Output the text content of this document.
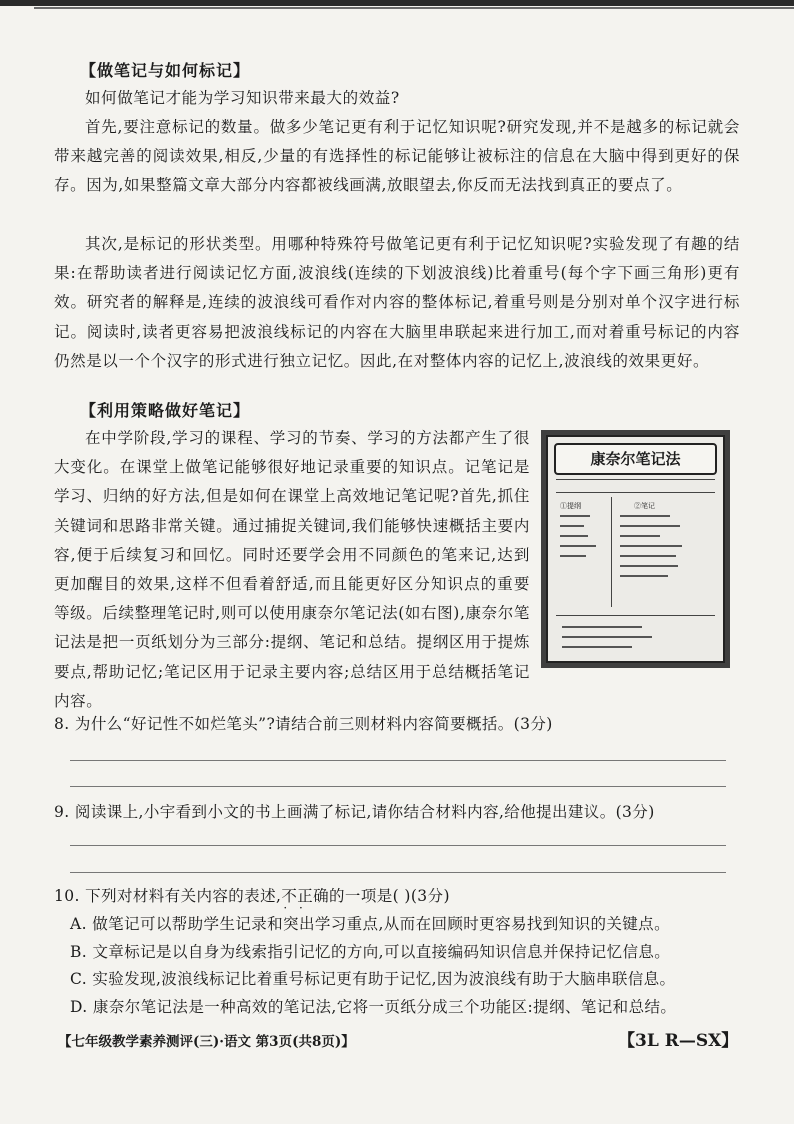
【做笔记与如何标记】

如何做笔记才能为学习知识带来最大的效益?

首先,要注意标记的数量。做多少笔记更有利于记忆知识呢?研究发现,并不是越多的标记就会带来越完善的阅读效果,相反,少量的有选择性的标记能够让被标注的信息在大脑中得到更好的保存。因为,如果整篇文章大部分内容都被线画满,放眼望去,你反而无法找到真正的要点了。

其次,是标记的形状类型。用哪种特殊符号做笔记更有利于记忆知识呢?实验发现了有趣的结果:在帮助读者进行阅读记忆方面,波浪线(连续的下划波浪线)比着重号(每个字下画三角形)更有效。研究者的解释是,连续的波浪线可看作对内容的整体标记,着重号则是分别对单个汉字进行标记。阅读时,读者更容易把波浪线标记的内容在大脑里串联起来进行加工,而对着重号标记的内容仍然是以一个个汉字的形式进行独立记忆。因此,在对整体内容的记忆上,波浪线的效果更好。

【利用策略做好笔记】

在中学阶段,学习的课程、学习的节奏、学习的方法都产生了很大变化。在课堂上做笔记能够很好地记录重要的知识点。记笔记是学习、归纳的好方法,但是如何在课堂上高效地记笔记呢?首先,抓住关键词和思路非常关键。通过捕捉关键词,我们能够快速概括主要内容,便于后续复习和回忆。同时还要学会用不同颜色的笔来记,达到更加醒目的效果,这样不但看着舒适,而且能更好区分知识点的重要等级。后续整理笔记时,则可以使用康奈尔笔记法(如右图),康奈尔笔记法是把一页纸划分为三部分:提纲、笔记和总结。提纲区用于提炼要点,帮助记忆;笔记区用于记录主要内容;总结区用于总结概括笔记内容。

康奈尔笔记法
①提纲	②笔记
8. 为什么“好记性不如烂笔头”?请结合前三则材料内容简要概括。(3分)
9. 阅读课上,小宇看到小文的书上画满了标记,请你结合材料内容,给他提出建议。(3分)
10. 下列对材料有关内容的表述,不正确 · ·的一项是( )(3分)
A. 做笔记可以帮助学生记录和突出学习重点,从而在回顾时更容易找到知识的关键点。
B. 文章标记是以自身为线索指引记忆的方向,可以直接编码知识信息并保持记忆信息。
C. 实验发现,波浪线标记比着重号标记更有助于记忆,因为波浪线有助于大脑串联信息。
D. 康奈尔笔记法是一种高效的笔记法,它将一页纸分成三个功能区:提纲、笔记和总结。
【七年级教学素养测评(三)·语文 第3页(共8页)】	【3L R—SX】
